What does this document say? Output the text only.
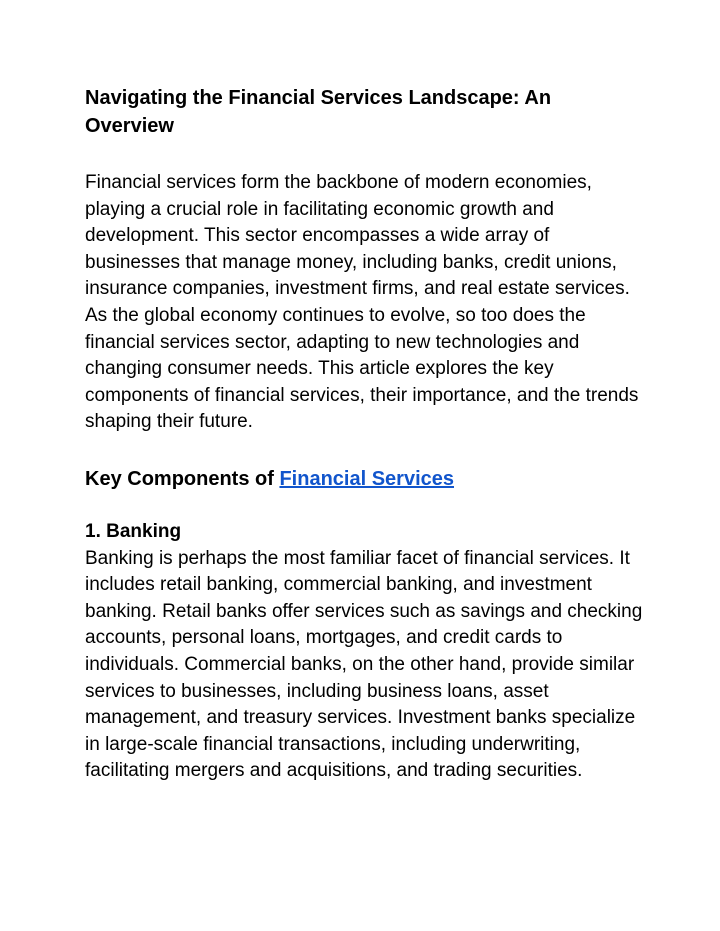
Navigating the Financial Services Landscape: An Overview

Financial services form the backbone of modern economies, playing a crucial role in facilitating economic growth and development. This sector encompasses a wide array of businesses that manage money, including banks, credit unions, insurance companies, investment firms, and real estate services. As the global economy continues to evolve, so too does the financial services sector, adapting to new technologies and changing consumer needs. This article explores the key components of financial services, their importance, and the trends shaping their future.

Key Components of Financial Services
1. Banking

Banking is perhaps the most familiar facet of financial services. It includes retail banking, commercial banking, and investment banking. Retail banks offer services such as savings and checking accounts, personal loans, mortgages, and credit cards to individuals. Commercial banks, on the other hand, provide similar services to businesses, including business loans, asset management, and treasury services. Investment banks specialize in large-scale financial transactions, including underwriting, facilitating mergers and acquisitions, and trading securities.
